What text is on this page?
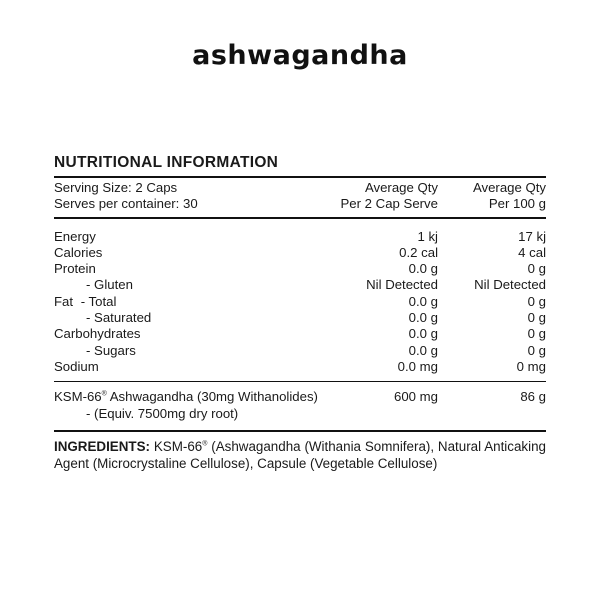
ashwagandha
NUTRITIONAL INFORMATION
Serving Size: 2 Caps	Average Qty	Average Qty
Serves per container: 30	Per 2 Cap Serve	Per 100 g
Energy	1 kj	17 kj
Calories	0.2 cal	4 cal
Protein	0.0 g	0 g
- Gluten	Nil Detected	Nil Detected
Fat - Total	0.0 g	0 g
- Saturated	0.0 g	0 g
Carbohydrates	0.0 g	0 g
- Sugars	0.0 g	0 g
Sodium	0.0 mg	0 mg
KSM-66® Ashwagandha (30mg Withanolides)	600 mg	86 g
- (Equiv. 7500mg dry root)
INGREDIENTS: KSM-66® (Ashwagandha (Withania Somnifera), Natural Anticaking Agent (Microcrystaline Cellulose), Capsule (Vegetable Cellulose)
